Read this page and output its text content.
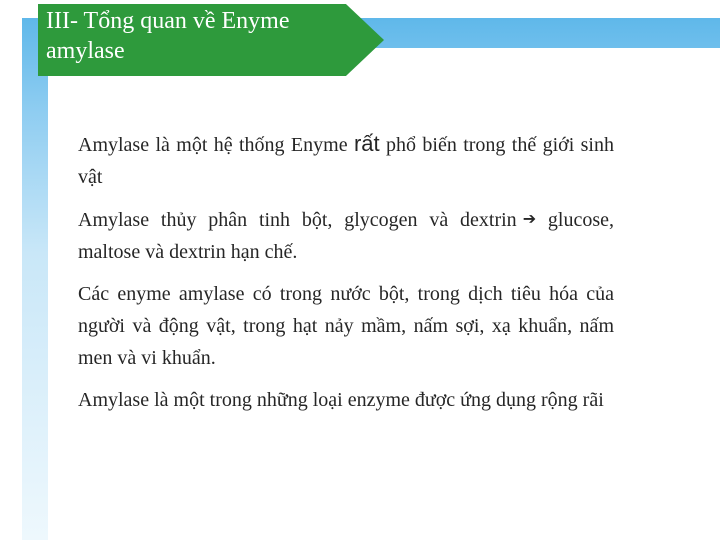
III- Tổng quan về Enyme amylase

Amylase là một hệ thống Enyme rất phổ biến trong thế giới sinh vật

Amylase thủy phân tinh bột, glycogen và dextrin ➔ glucose, maltose và dextrin hạn chế.

Các enyme amylase có trong nước bột, trong dịch tiêu hóa của người và động vật, trong hạt nảy mầm, nấm sợi, xạ khuẩn, nấm men và vi khuẩn.

Amylase là một trong những loại enzyme được ứng dụng rộng rãi
